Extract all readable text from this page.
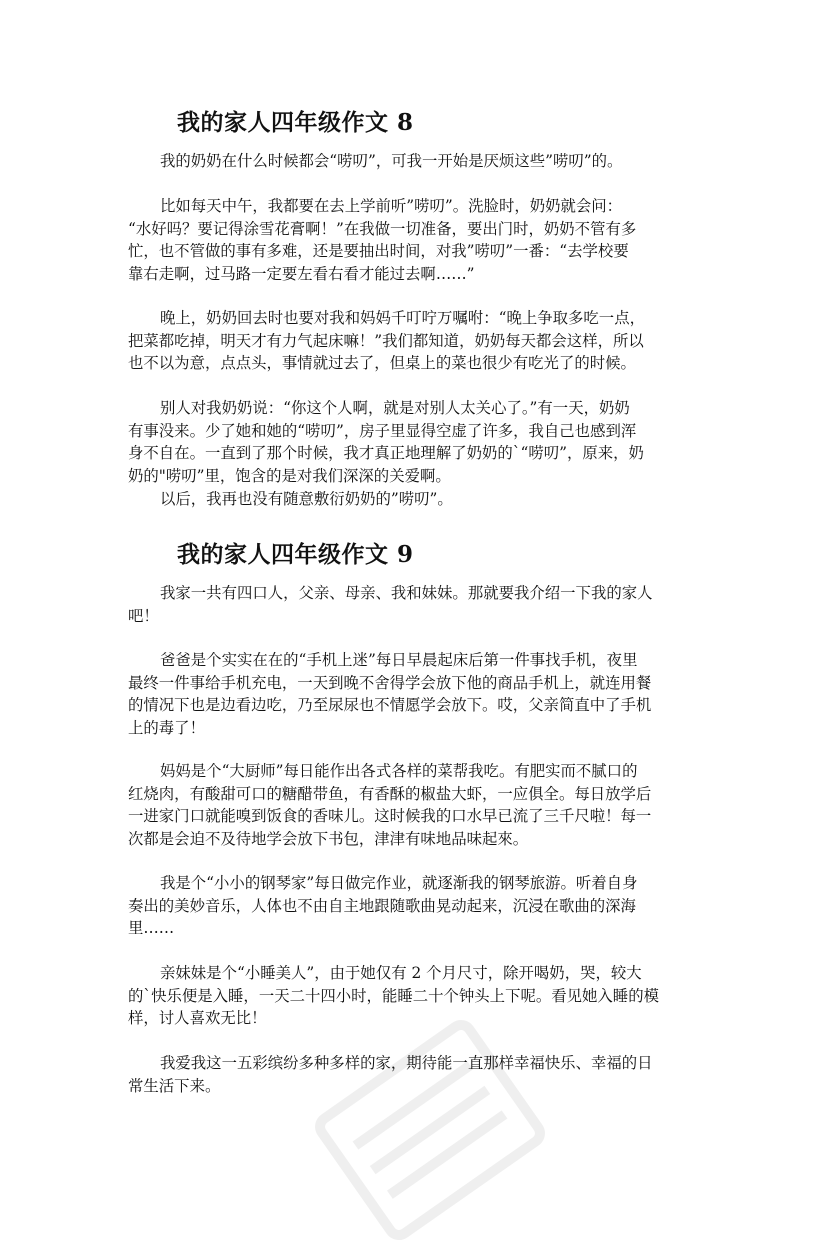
我的家人四年级作文 8
我的奶奶在什么时候都会“唠叨”，可我一开始是厌烦这些”唠叨”的。
比如每天中午，我都要在去上学前听”唠叨”。洗脸时，奶奶就会问：
“水好吗？要记得涂雪花膏啊！”在我做一切准备，要出门时，奶奶不管有多
忙，也不管做的事有多难，还是要抽出时间，对我”唠叨”一番：“去学校要
靠右走啊，过马路一定要左看右看才能过去啊……”
晚上，奶奶回去时也要对我和妈妈千叮咛万嘱咐：“晚上争取多吃一点，
把菜都吃掉，明天才有力气起床嘛！”我们都知道，奶奶每天都会这样，所以
也不以为意，点点头，事情就过去了，但桌上的菜也很少有吃光了的时候。
别人对我奶奶说：“你这个人啊，就是对别人太关心了。”有一天，奶奶
有事没来。少了她和她的“唠叨”，房子里显得空虚了许多，我自己也感到浑
身不自在。一直到了那个时候，我才真正地理解了奶奶的`“唠叨”，原来，奶
奶的"唠叨”里，饱含的是对我们深深的关爱啊。
以后，我再也没有随意敷衍奶奶的”唠叨”。
我的家人四年级作文 9
我家一共有四口人，父亲、母亲、我和妹妹。那就要我介绍一下我的家人
吧！
爸爸是个实实在在的“手机上迷”每日早晨起床后第一件事找手机，夜里
最终一件事给手机充电，一天到晚不舍得学会放下他的商品手机上，就连用餐
的情况下也是边看边吃，乃至尿尿也不情愿学会放下。哎，父亲简直中了手机
上的毒了！
妈妈是个“大厨师”每日能作出各式各样的菜帮我吃。有肥实而不腻口的
红烧肉，有酸甜可口的糖醋带鱼，有香酥的椒盐大虾，一应俱全。每日放学后
一进家门口就能嗅到饭食的香味儿。这时候我的口水早已流了三千尺啦！每一
次都是会迫不及待地学会放下书包，津津有味地品味起來。
我是个“小小的钢琴家”每日做完作业，就逐渐我的钢琴旅游。听着自身
奏出的美妙音乐，人体也不由自主地跟随歌曲晃动起来，沉浸在歌曲的深海
里……
亲妹妹是个“小睡美人”，由于她仅有 2 个月尺寸，除开喝奶，哭，较大
的`快乐便是入睡，一天二十四小时，能睡二十个钟头上下呢。看见她入睡的模
样，讨人喜欢无比！
我爱我这一五彩缤纷多种多样的家，期待能一直那样幸福快乐、幸福的日
常生活下来。
